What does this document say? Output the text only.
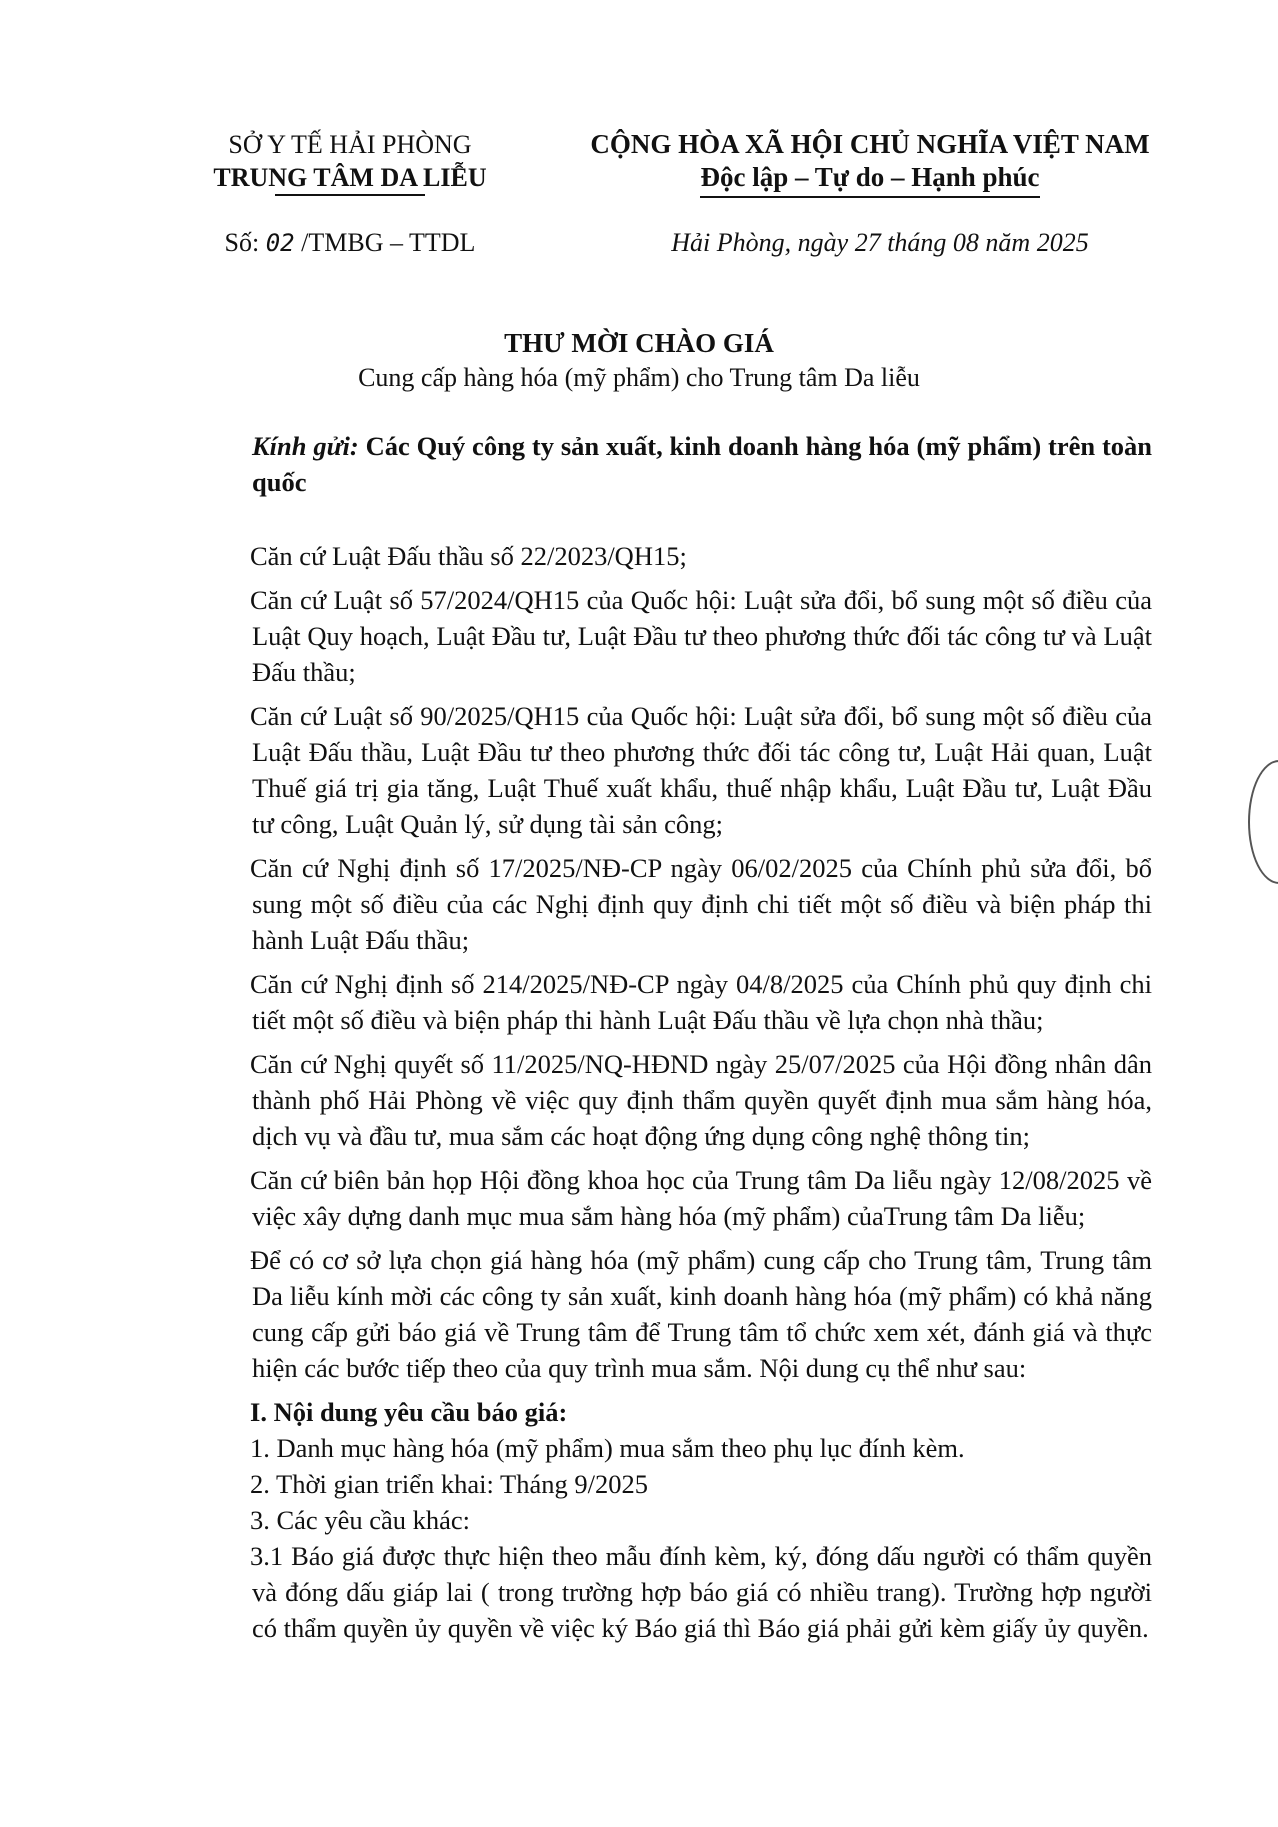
SỞ Y TẾ HẢI PHÒNG
TRUNG TÂM DA LIỄU
CỘNG HÒA XÃ HỘI CHỦ NGHĨA VIỆT NAM
Độc lập – Tự do – Hạnh phúc
Số: 02 /TMBG – TTDL	Hải Phòng, ngày 27 tháng 08 năm 2025
THƯ MỜI CHÀO GIÁ
Cung cấp hàng hóa (mỹ phẩm) cho Trung tâm Da liễu

Kính gửi: Các Quý công ty sản xuất, kinh doanh hàng hóa (mỹ phẩm) trên toàn quốc

Căn cứ Luật Đấu thầu số 22/2023/QH15;

Căn cứ Luật số 57/2024/QH15 của Quốc hội: Luật sửa đổi, bổ sung một số điều của Luật Quy hoạch, Luật Đầu tư, Luật Đầu tư theo phương thức đối tác công tư và Luật Đấu thầu;

Căn cứ Luật số 90/2025/QH15 của Quốc hội: Luật sửa đổi, bổ sung một số điều của Luật Đấu thầu, Luật Đầu tư theo phương thức đối tác công tư, Luật Hải quan, Luật Thuế giá trị gia tăng, Luật Thuế xuất khẩu, thuế nhập khẩu, Luật Đầu tư, Luật Đầu tư công, Luật Quản lý, sử dụng tài sản công;

Căn cứ Nghị định số 17/2025/NĐ-CP ngày 06/02/2025 của Chính phủ sửa đổi, bổ sung một số điều của các Nghị định quy định chi tiết một số điều và biện pháp thi hành Luật Đấu thầu;

Căn cứ Nghị định số 214/2025/NĐ-CP ngày 04/8/2025 của Chính phủ quy định chi tiết một số điều và biện pháp thi hành Luật Đấu thầu về lựa chọn nhà thầu;

Căn cứ Nghị quyết số 11/2025/NQ-HĐND ngày 25/07/2025 của Hội đồng nhân dân thành phố Hải Phòng về việc quy định thẩm quyền quyết định mua sắm hàng hóa, dịch vụ và đầu tư, mua sắm các hoạt động ứng dụng công nghệ thông tin;

Căn cứ biên bản họp Hội đồng khoa học của Trung tâm Da liễu ngày 12/08/2025 về việc xây dựng danh mục mua sắm hàng hóa (mỹ phẩm) củaTrung tâm Da liễu;

Để có cơ sở lựa chọn giá hàng hóa (mỹ phẩm) cung cấp cho Trung tâm, Trung tâm Da liễu kính mời các công ty sản xuất, kinh doanh hàng hóa (mỹ phẩm) có khả năng cung cấp gửi báo giá về Trung tâm để Trung tâm tổ chức xem xét, đánh giá và thực hiện các bước tiếp theo của quy trình mua sắm. Nội dung cụ thể như sau:

I. Nội dung yêu cầu báo giá:

1. Danh mục hàng hóa (mỹ phẩm) mua sắm theo phụ lục đính kèm.

2. Thời gian triển khai: Tháng 9/2025

3. Các yêu cầu khác:

3.1 Báo giá được thực hiện theo mẫu đính kèm, ký, đóng dấu người có thẩm quyền và đóng dấu giáp lai ( trong trường hợp báo giá có nhiều trang). Trường hợp người có thẩm quyền ủy quyền về việc ký Báo giá thì Báo giá phải gửi kèm giấy ủy quyền.
